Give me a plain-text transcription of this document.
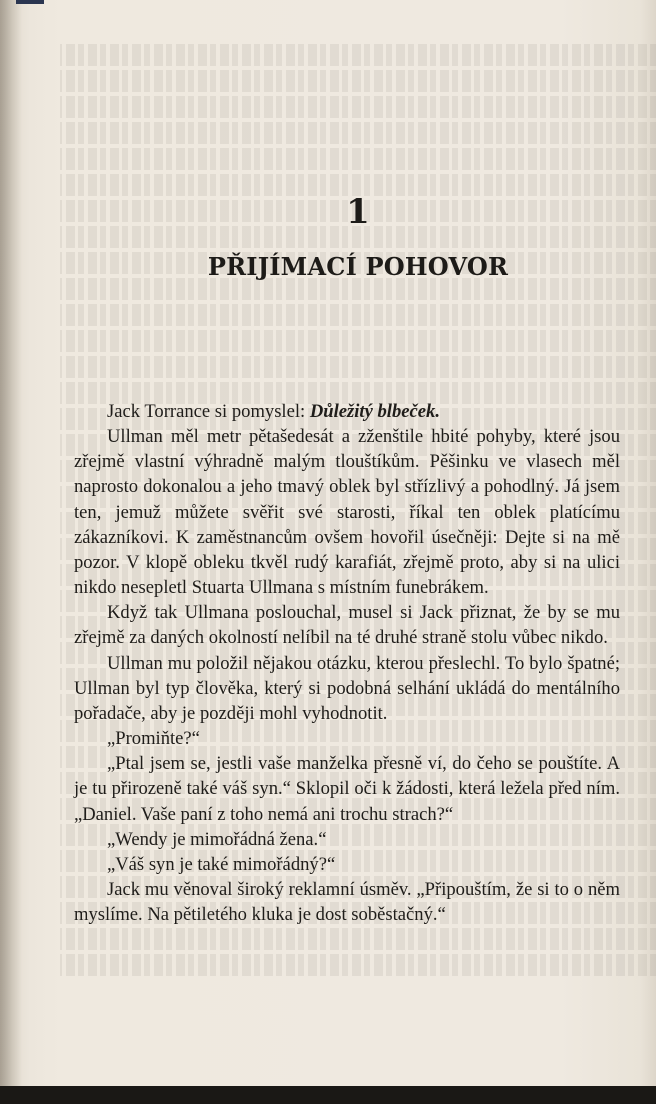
1
PŘIJÍMACÍ POHOVOR

Jack Torrance si pomyslel: Důležitý blbeček.

Ullman měl metr pětašedesát a zženštile hbité pohyby, které jsou zřejmě vlastní výhradně malým tlouštíkům. Pěšinku ve vlasech měl naprosto dokonalou a jeho tmavý oblek byl střízlivý a pohodlný. Já jsem ten, jemuž můžete svěřit své starosti, říkal ten oblek platícímu zákazníkovi. K zaměstnancům ovšem hovořil úsečněji: Dejte si na mě pozor. V klopě obleku tkvěl rudý karafiát, zřejmě proto, aby si na ulici nikdo nesepletl Stuarta Ullmana s místním funebrákem.

Když tak Ullmana poslouchal, musel si Jack přiznat, že by se mu zřejmě za daných okolností nelíbil na té druhé straně stolu vůbec nikdo.

Ullman mu položil nějakou otázku, kterou přeslechl. To bylo špatné; Ullman byl typ člověka, který si podobná selhání ukládá do mentálního pořadače, aby je později mohl vyhodnotit.

„Promiňte?“

„Ptal jsem se, jestli vaše manželka přesně ví, do čeho se pouštíte. A je tu přirozeně také váš syn.“ Sklopil oči k žádosti, která ležela před ním. „Daniel. Vaše paní z toho nemá ani trochu strach?“

„Wendy je mimořádná žena.“

„Váš syn je také mimořádný?“

Jack mu věnoval široký reklamní úsměv. „Připouštím, že si to o něm myslíme. Na pětiletého kluka je dost soběstačný.“
